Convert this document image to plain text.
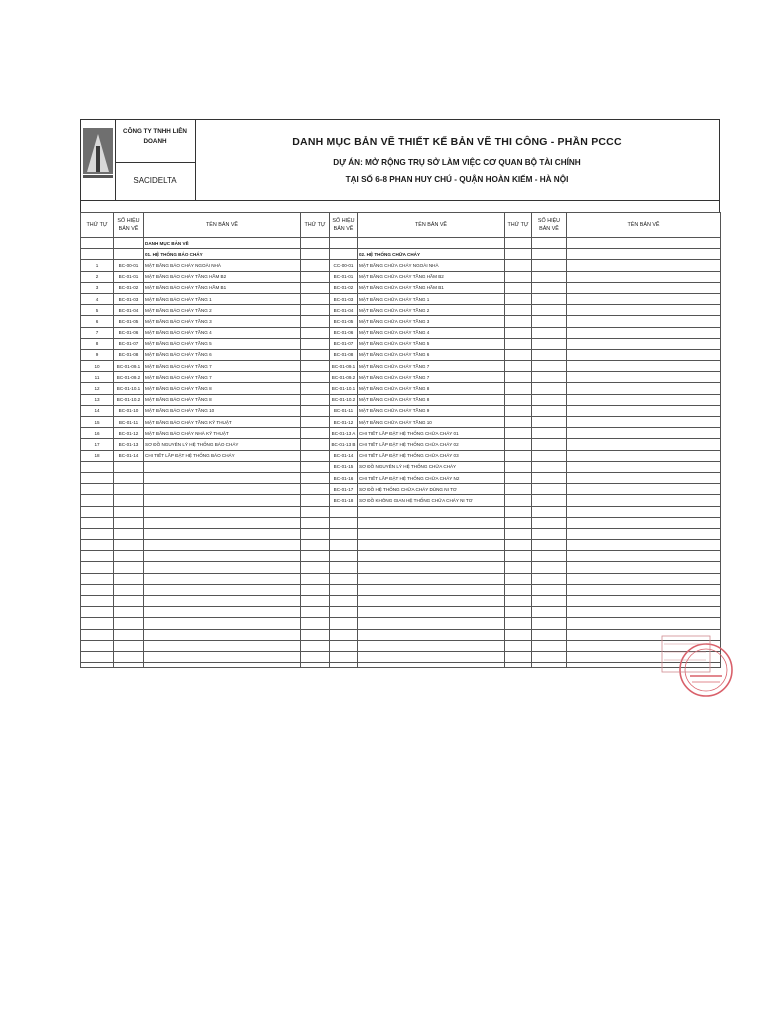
CÔNG TY TNHH LIÊN DOANH
SACIDELTA
DANH MỤC BẢN VẼ THIẾT KẾ BẢN VẼ THI CÔNG - PHẦN PCCC
DỰ ÁN: MỞ RỘNG TRỤ SỞ LÀM VIỆC CƠ QUAN BỘ TÀI CHÍNH
TẠI SỐ 6-8 PHAN HUY CHÚ - QUẬN HOÀN KIẾM - HÀ NỘI
THỨ TỰ	SỐ HIỆU BẢN VẼ	TÊN BẢN VẼ	THỨ TỰ	SỐ HIỆU BẢN VẼ	TÊN BẢN VẼ	THỨ TỰ	SỐ HIỆU BẢN VẼ	TÊN BẢN VẼ
		DANH MỤC BẢN VẼ						
		01. HỆ THỐNG BÁO CHÁY			02. HỆ THỐNG CHỮA CHÁY			
1	BC-00-01	MẶT BẰNG BÁO CHÁY NGOÀI NHÀ		CC-00-01	MẶT BẰNG CHỮA CHÁY NGOÀI NHÀ			
2	BC-01-01	MẶT BẰNG BÁO CHÁY TẦNG HẦM B2		BC-01-01	MẶT BẰNG CHỮA CHÁY TẦNG HẦM B2			
3	BC-01-02	MẶT BẰNG BÁO CHÁY TẦNG HẦM B1		BC-01-02	MẶT BẰNG CHỮA CHÁY TẦNG HẦM B1			
4	BC-01-03	MẶT BẰNG BÁO CHÁY TẦNG 1		BC-01-03	MẶT BẰNG CHỮA CHÁY TẦNG 1			
5	BC-01-04	MẶT BẰNG BÁO CHÁY TẦNG 2		BC-01-04	MẶT BẰNG CHỮA CHÁY TẦNG 2			
6	BC-01-05	MẶT BẰNG BÁO CHÁY TẦNG 3		BC-01-05	MẶT BẰNG CHỮA CHÁY TẦNG 3			
7	BC-01-06	MẶT BẰNG BÁO CHÁY TẦNG 4		BC-01-06	MẶT BẰNG CHỮA CHÁY TẦNG 4			
8	BC-01-07	MẶT BẰNG BÁO CHÁY TẦNG 5		BC-01-07	MẶT BẰNG CHỮA CHÁY TẦNG 5			
9	BC-01-08	MẶT BẰNG BÁO CHÁY TẦNG 6		BC-01-08	MẶT BẰNG CHỮA CHÁY TẦNG 6			
10	BC-01-09.1	MẶT BẰNG BÁO CHÁY TẦNG 7		BC-01-09.1	MẶT BẰNG CHỮA CHÁY TẦNG 7			
11	BC-01-09.2	MẶT BẰNG BÁO CHÁY TẦNG 7		BC-01-09.2	MẶT BẰNG CHỮA CHÁY TẦNG 7			
12	BC-01-10.1	MẶT BẰNG BÁO CHÁY TẦNG 8		BC-01-10.1	MẶT BẰNG CHỮA CHÁY TẦNG 8			
13	BC-01-10.2	MẶT BẰNG BÁO CHÁY TẦNG 8		BC-01-10.2	MẶT BẰNG CHỮA CHÁY TẦNG 8			
14	BC-01-10	MẶT BẰNG BÁO CHÁY TẦNG 10		BC-01-11	MẶT BẰNG CHỮA CHÁY TẦNG 9			
15	BC-01-11	MẶT BẰNG BÁO CHÁY TẦNG KỸ THUẬT		BC-01-12	MẶT BẰNG CHỮA CHÁY TẦNG 10			
16	BC-01-12	MẶT BẰNG BÁO CHÁY NHÀ KỸ THUẬT		BC-01-13 A	CHI TIẾT LẮP ĐẶT HỆ THỐNG CHỮA CHÁY 01			
17	BC-01-13	SƠ ĐỒ NGUYÊN LÝ HỆ THỐNG BÁO CHÁY		BC-01-13 B	CHI TIẾT LẮP ĐẶT HỆ THỐNG CHỮA CHÁY 02			
18	BC-01-14	CHI TIẾT LẮP ĐẶT HỆ THỐNG BÁO CHÁY		BC-01-14	CHI TIẾT LẮP ĐẶT HỆ THỐNG CHỮA CHÁY 03			
				BC-01-15	SƠ ĐỒ NGUYÊN LÝ HỆ THỐNG CHỮA CHÁY			
				BC-01-16	CHI TIẾT LẮP ĐẶT HỆ THỐNG CHỮA CHÁY N2			
				BC-01-17	SƠ ĐỒ HỆ THỐNG CHỮA CHÁY DÙNG NI TƠ			
				BC-01-18	SƠ ĐỒ KHÔNG GIAN HỆ THỐNG CHỮA CHÁY NI TƠ			
